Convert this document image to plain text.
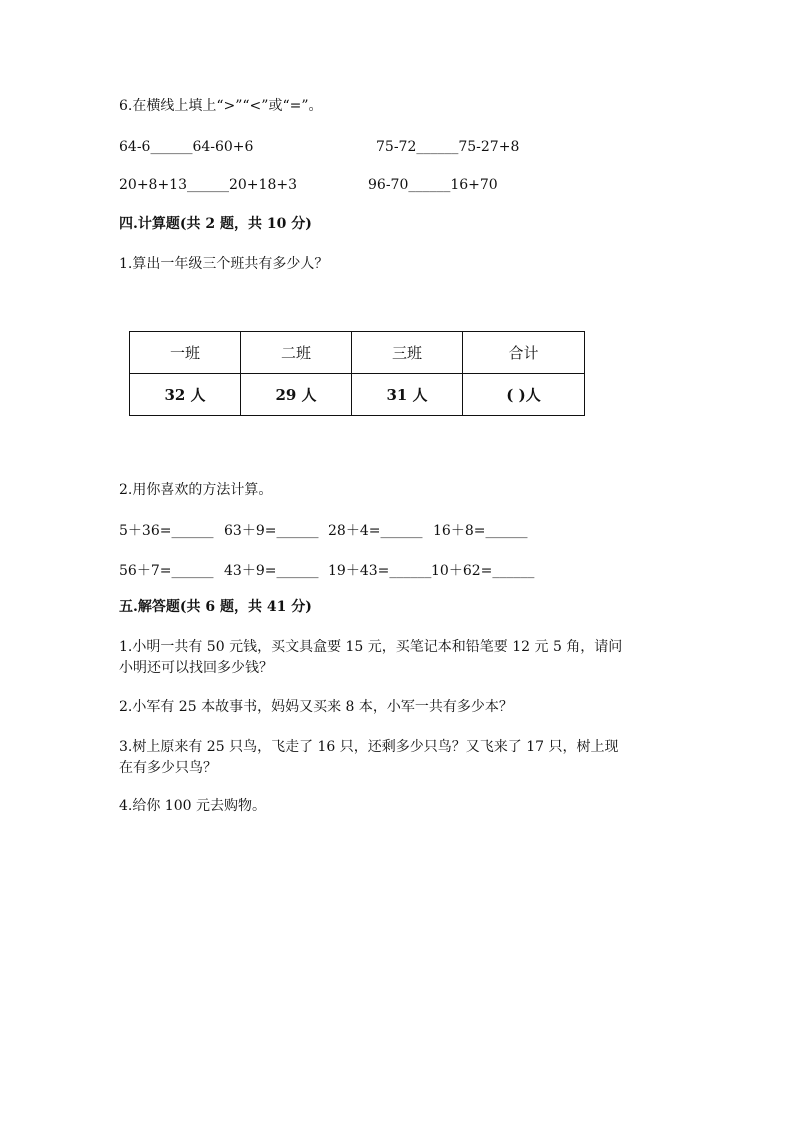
6.在横线上填上“>”“<”或“=”。
64-6______64-60+6	75-72______75-27+8
20+8+13______20+18+3	96-70______16+70
四.计算题(共 2 题，共 10 分)
1.算出一年级三个班共有多少人？
一班	二班	三班	合计
32 人	29 人	31 人	( )人
2.用你喜欢的方法计算。
5＋36=______ 63＋9=______ 28＋4=______ 16＋8=______
56＋7=______ 43＋9=______ 19＋43=______ 10＋62=______
五.解答题(共 6 题，共 41 分)
1.小明一共有 50 元钱，买文具盒要 15 元，买笔记本和铅笔要 12 元 5 角，请问
小明还可以找回多少钱？
2.小军有 25 本故事书，妈妈又买来 8 本，小军一共有多少本？
3.树上原来有 25 只鸟，飞走了 16 只，还剩多少只鸟？又飞来了 17 只，树上现
在有多少只鸟？
4.给你 100 元去购物。
